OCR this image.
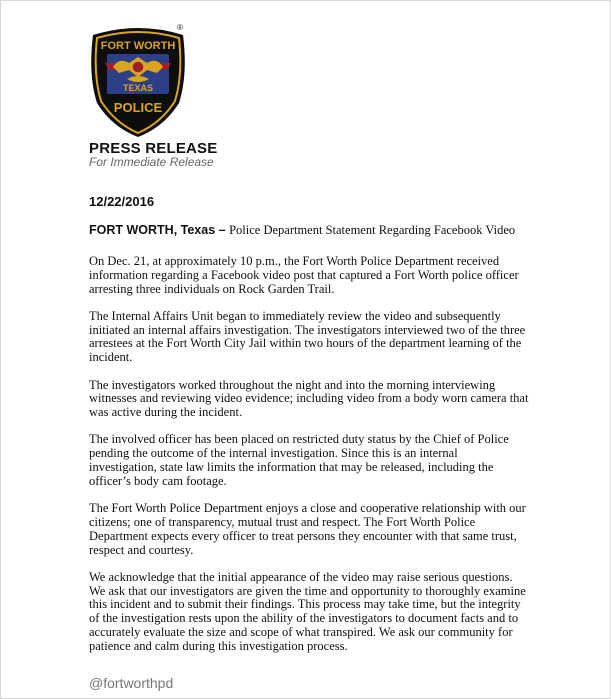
FORT WORTH
TEXAS
POLICE
®
PRESS RELEASE
For Immediate Release
12/22/2016
FORT WORTH, Texas – Police Department Statement Regarding Facebook Video

On Dec. 21, at approximately 10 p.m., the Fort Worth Police Department received
information regarding a Facebook video post that captured a Fort Worth police officer
arresting three individuals on Rock Garden Trail.

The Internal Affairs Unit began to immediately review the video and subsequently
initiated an internal affairs investigation. The investigators interviewed two of the three
arrestees at the Fort Worth City Jail within two hours of the department learning of the
incident.

The investigators worked throughout the night and into the morning interviewing
witnesses and reviewing video evidence; including video from a body worn camera that
was active during the incident.

The involved officer has been placed on restricted duty status by the Chief of Police
pending the outcome of the internal investigation. Since this is an internal
investigation, state law limits the information that may be released, including the
officer’s body cam footage.

The Fort Worth Police Department enjoys a close and cooperative relationship with our
citizens; one of transparency, mutual trust and respect. The Fort Worth Police
Department expects every officer to treat persons they encounter with that same trust,
respect and courtesy.

We acknowledge that the initial appearance of the video may raise serious questions.
We ask that our investigators are given the time and opportunity to thoroughly examine
this incident and to submit their findings. This process may take time, but the integrity
of the investigation rests upon the ability of the investigators to document facts and to
accurately evaluate the size and scope of what transpired. We ask our community for
patience and calm during this investigation process.

@fortworthpd
